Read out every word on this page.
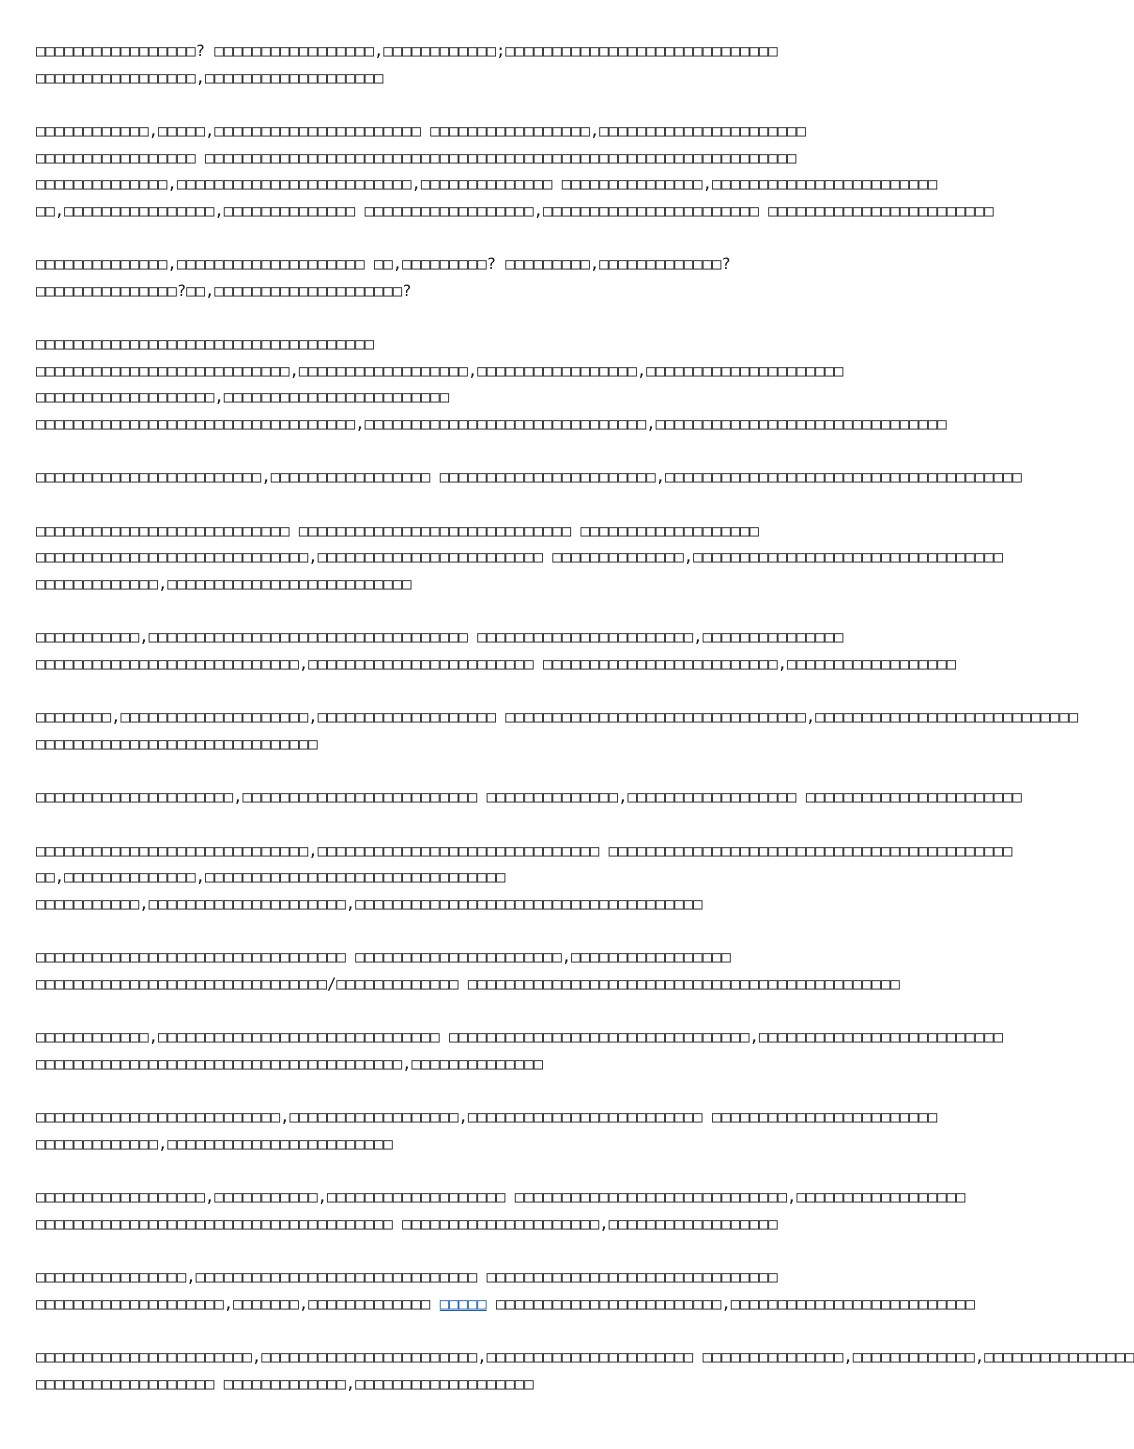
□□□□□□□□□□□□□□□□□? □□□□□□□□□□□□□□□□□,□□□□□□□□□□□□;□□□□□□□□□□□□□□□□□□□□□□□□□□□□□
□□□□□□□□□□□□□□□□□,□□□□□□□□□□□□□□□□□□□
□□□□□□□□□□□□,□□□□□,□□□□□□□□□□□□□□□□□□□□□□ □□□□□□□□□□□□□□□□□,□□□□□□□□□□□□□□□□□□□□□□
□□□□□□□□□□□□□□□□□ □□□□□□□□□□□□□□□□□□□□□□□□□□□□□□□□□□□□□□□□□□□□□□□□□□□□□□□□□□□□□□□
□□□□□□□□□□□□□□,□□□□□□□□□□□□□□□□□□□□□□□□□,□□□□□□□□□□□□□□ □□□□□□□□□□□□□□□,□□□□□□□□□□□□□□□□□□□□□□□□
□□,□□□□□□□□□□□□□□□□,□□□□□□□□□□□□□□ □□□□□□□□□□□□□□□□□□,□□□□□□□□□□□□□□□□□□□□□□□ □□□□□□□□□□□□□□□□□□□□□□□□
□□□□□□□□□□□□□□,□□□□□□□□□□□□□□□□□□□□ □□,□□□□□□□□□? □□□□□□□□□,□□□□□□□□□□□□□?
□□□□□□□□□□□□□□□?□□,□□□□□□□□□□□□□□□□□□□□?
□□□□□□□□□□□□□□□□□□□□□□□□□□□□□□□□□□□□
□□□□□□□□□□□□□□□□□□□□□□□□□□□,□□□□□□□□□□□□□□□□□□,□□□□□□□□□□□□□□□□□,□□□□□□□□□□□□□□□□□□□□□
□□□□□□□□□□□□□□□□□□□,□□□□□□□□□□□□□□□□□□□□□□□□
□□□□□□□□□□□□□□□□□□□□□□□□□□□□□□□□□□,□□□□□□□□□□□□□□□□□□□□□□□□□□□□□□,□□□□□□□□□□□□□□□□□□□□□□□□□□□□□□□
□□□□□□□□□□□□□□□□□□□□□□□□,□□□□□□□□□□□□□□□□□ □□□□□□□□□□□□□□□□□□□□□□□,□□□□□□□□□□□□□□□□□□□□□□□□□□□□□□□□□□□□□□
□□□□□□□□□□□□□□□□□□□□□□□□□□□ □□□□□□□□□□□□□□□□□□□□□□□□□□□□□ □□□□□□□□□□□□□□□□□□□
□□□□□□□□□□□□□□□□□□□□□□□□□□□□□,□□□□□□□□□□□□□□□□□□□□□□□□ □□□□□□□□□□□□□□,□□□□□□□□□□□□□□□□□□□□□□□□□□□□□□□□□
□□□□□□□□□□□□□,□□□□□□□□□□□□□□□□□□□□□□□□□□
□□□□□□□□□□□,□□□□□□□□□□□□□□□□□□□□□□□□□□□□□□□□□□ □□□□□□□□□□□□□□□□□□□□□□□,□□□□□□□□□□□□□□□
□□□□□□□□□□□□□□□□□□□□□□□□□□□□,□□□□□□□□□□□□□□□□□□□□□□□□ □□□□□□□□□□□□□□□□□□□□□□□□□,□□□□□□□□□□□□□□□□□□
□□□□□□□□,□□□□□□□□□□□□□□□□□□□□,□□□□□□□□□□□□□□□□□□□ □□□□□□□□□□□□□□□□□□□□□□□□□□□□□□□□,□□□□□□□□□□□□□□□□□□□□□□□□□□□□
□□□□□□□□□□□□□□□□□□□□□□□□□□□□□□
□□□□□□□□□□□□□□□□□□□□□,□□□□□□□□□□□□□□□□□□□□□□□□□ □□□□□□□□□□□□□□,□□□□□□□□□□□□□□□□□□ □□□□□□□□□□□□□□□□□□□□□□□
□□□□□□□□□□□□□□□□□□□□□□□□□□□□□,□□□□□□□□□□□□□□□□□□□□□□□□□□□□□□ □□□□□□□□□□□□□□□□□□□□□□□□□□□□□□□□□□□□□□□□□□□
□□,□□□□□□□□□□□□□□,□□□□□□□□□□□□□□□□□□□□□□□□□□□□□□□□
□□□□□□□□□□□,□□□□□□□□□□□□□□□□□□□□□,□□□□□□□□□□□□□□□□□□□□□□□□□□□□□□□□□□□□□
□□□□□□□□□□□□□□□□□□□□□□□□□□□□□□□□□ □□□□□□□□□□□□□□□□□□□□□□,□□□□□□□□□□□□□□□□□
□□□□□□□□□□□□□□□□□□□□□□□□□□□□□□□/□□□□□□□□□□□□□ □□□□□□□□□□□□□□□□□□□□□□□□□□□□□□□□□□□□□□□□□□□□□□
□□□□□□□□□□□□,□□□□□□□□□□□□□□□□□□□□□□□□□□□□□□ □□□□□□□□□□□□□□□□□□□□□□□□□□□□□□□□,□□□□□□□□□□□□□□□□□□□□□□□□□□
□□□□□□□□□□□□□□□□□□□□□□□□□□□□□□□□□□□□□□□,□□□□□□□□□□□□□□
□□□□□□□□□□□□□□□□□□□□□□□□□□,□□□□□□□□□□□□□□□□□□,□□□□□□□□□□□□□□□□□□□□□□□□□ □□□□□□□□□□□□□□□□□□□□□□□□
□□□□□□□□□□□□□,□□□□□□□□□□□□□□□□□□□□□□□□
□□□□□□□□□□□□□□□□□□,□□□□□□□□□□□,□□□□□□□□□□□□□□□□□□□ □□□□□□□□□□□□□□□□□□□□□□□□□□□□□,□□□□□□□□□□□□□□□□□□
□□□□□□□□□□□□□□□□□□□□□□□□□□□□□□□□□□□□□□ □□□□□□□□□□□□□□□□□□□□□,□□□□□□□□□□□□□□□□□□
□□□□□□□□□□□□□□□□,□□□□□□□□□□□□□□□□□□□□□□□□□□□□□□ □□□□□□□□□□□□□□□□□□□□□□□□□□□□□□□
□□□□□□□□□□□□□□□□□□□□,□□□□□□□,□□□□□□□□□□□□□ □□□□□ □□□□□□□□□□□□□□□□□□□□□□□□,□□□□□□□□□□□□□□□□□□□□□□□□□□
□□□□□□□□□□□□□□□□□□□□□□□,□□□□□□□□□□□□□□□□□□□□□□□,□□□□□□□□□□□□□□□□□□□□□□ □□□□□□□□□□□□□□□,□□□□□□□□□□□□□,□□□□□□□□□□□□□□□□
□□□□□□□□□□□□□□□□□□□ □□□□□□□□□□□□□,□□□□□□□□□□□□□□□□□□□
